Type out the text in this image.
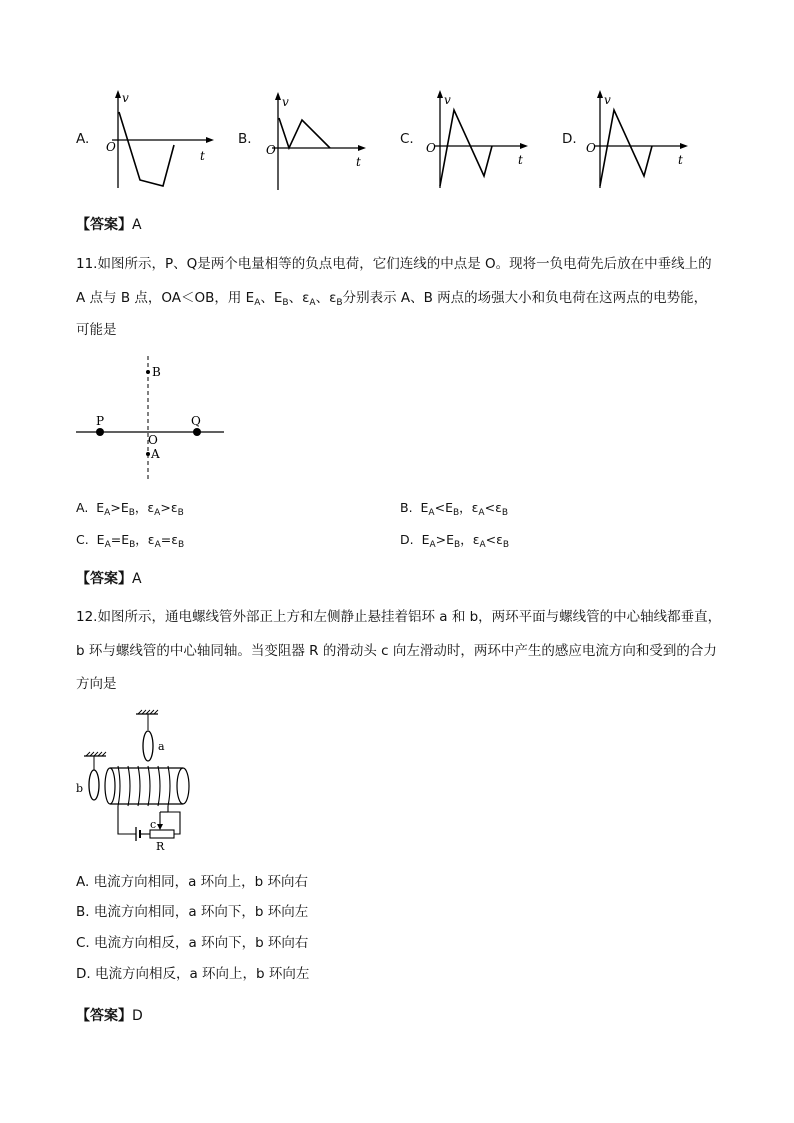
A.
v
t
O	B.
v
t
O
C.
v
t
O
D.
v
t
O
【答案】A
11.如图所示，P、Q是两个电量相等的负点电荷，它们连线的中点是 O。现将一负电荷先后放在中垂线上的
A 点与 B 点，OA＜OB，用 $E_A$、$E_B$、$\varepsilon_A$、$\varepsilon_B$分别表示 A、B 两点的场强大小和负电荷在这两点的电势能，
可能是
B
P	Q
O
A
A. $E_A>E_B$，$\varepsilon_A>\varepsilon_B$	B. $E_A<E_B$，$\varepsilon_A<\varepsilon_B$
C. $E_A=E_B$，$\varepsilon_A=\varepsilon_B$	D. $E_A>E_B$，$\varepsilon_A<\varepsilon_B$
【答案】A
12.如图所示，通电螺线管外部正上方和左侧静止悬挂着铝环 a 和 b，两环平面与螺线管的中心轴线都垂直，
b 环与螺线管的中心轴同轴。当变阻器 R 的滑动头 c 向左滑动时，两环中产生的感应电流方向和受到的合力
方向是
a
b
c
R
A. 电流方向相同，a 环向上，b 环向右
B. 电流方向相同，a 环向下，b 环向左
C. 电流方向相反，a 环向下，b 环向右
D. 电流方向相反，a 环向上，b 环向左
【答案】D
